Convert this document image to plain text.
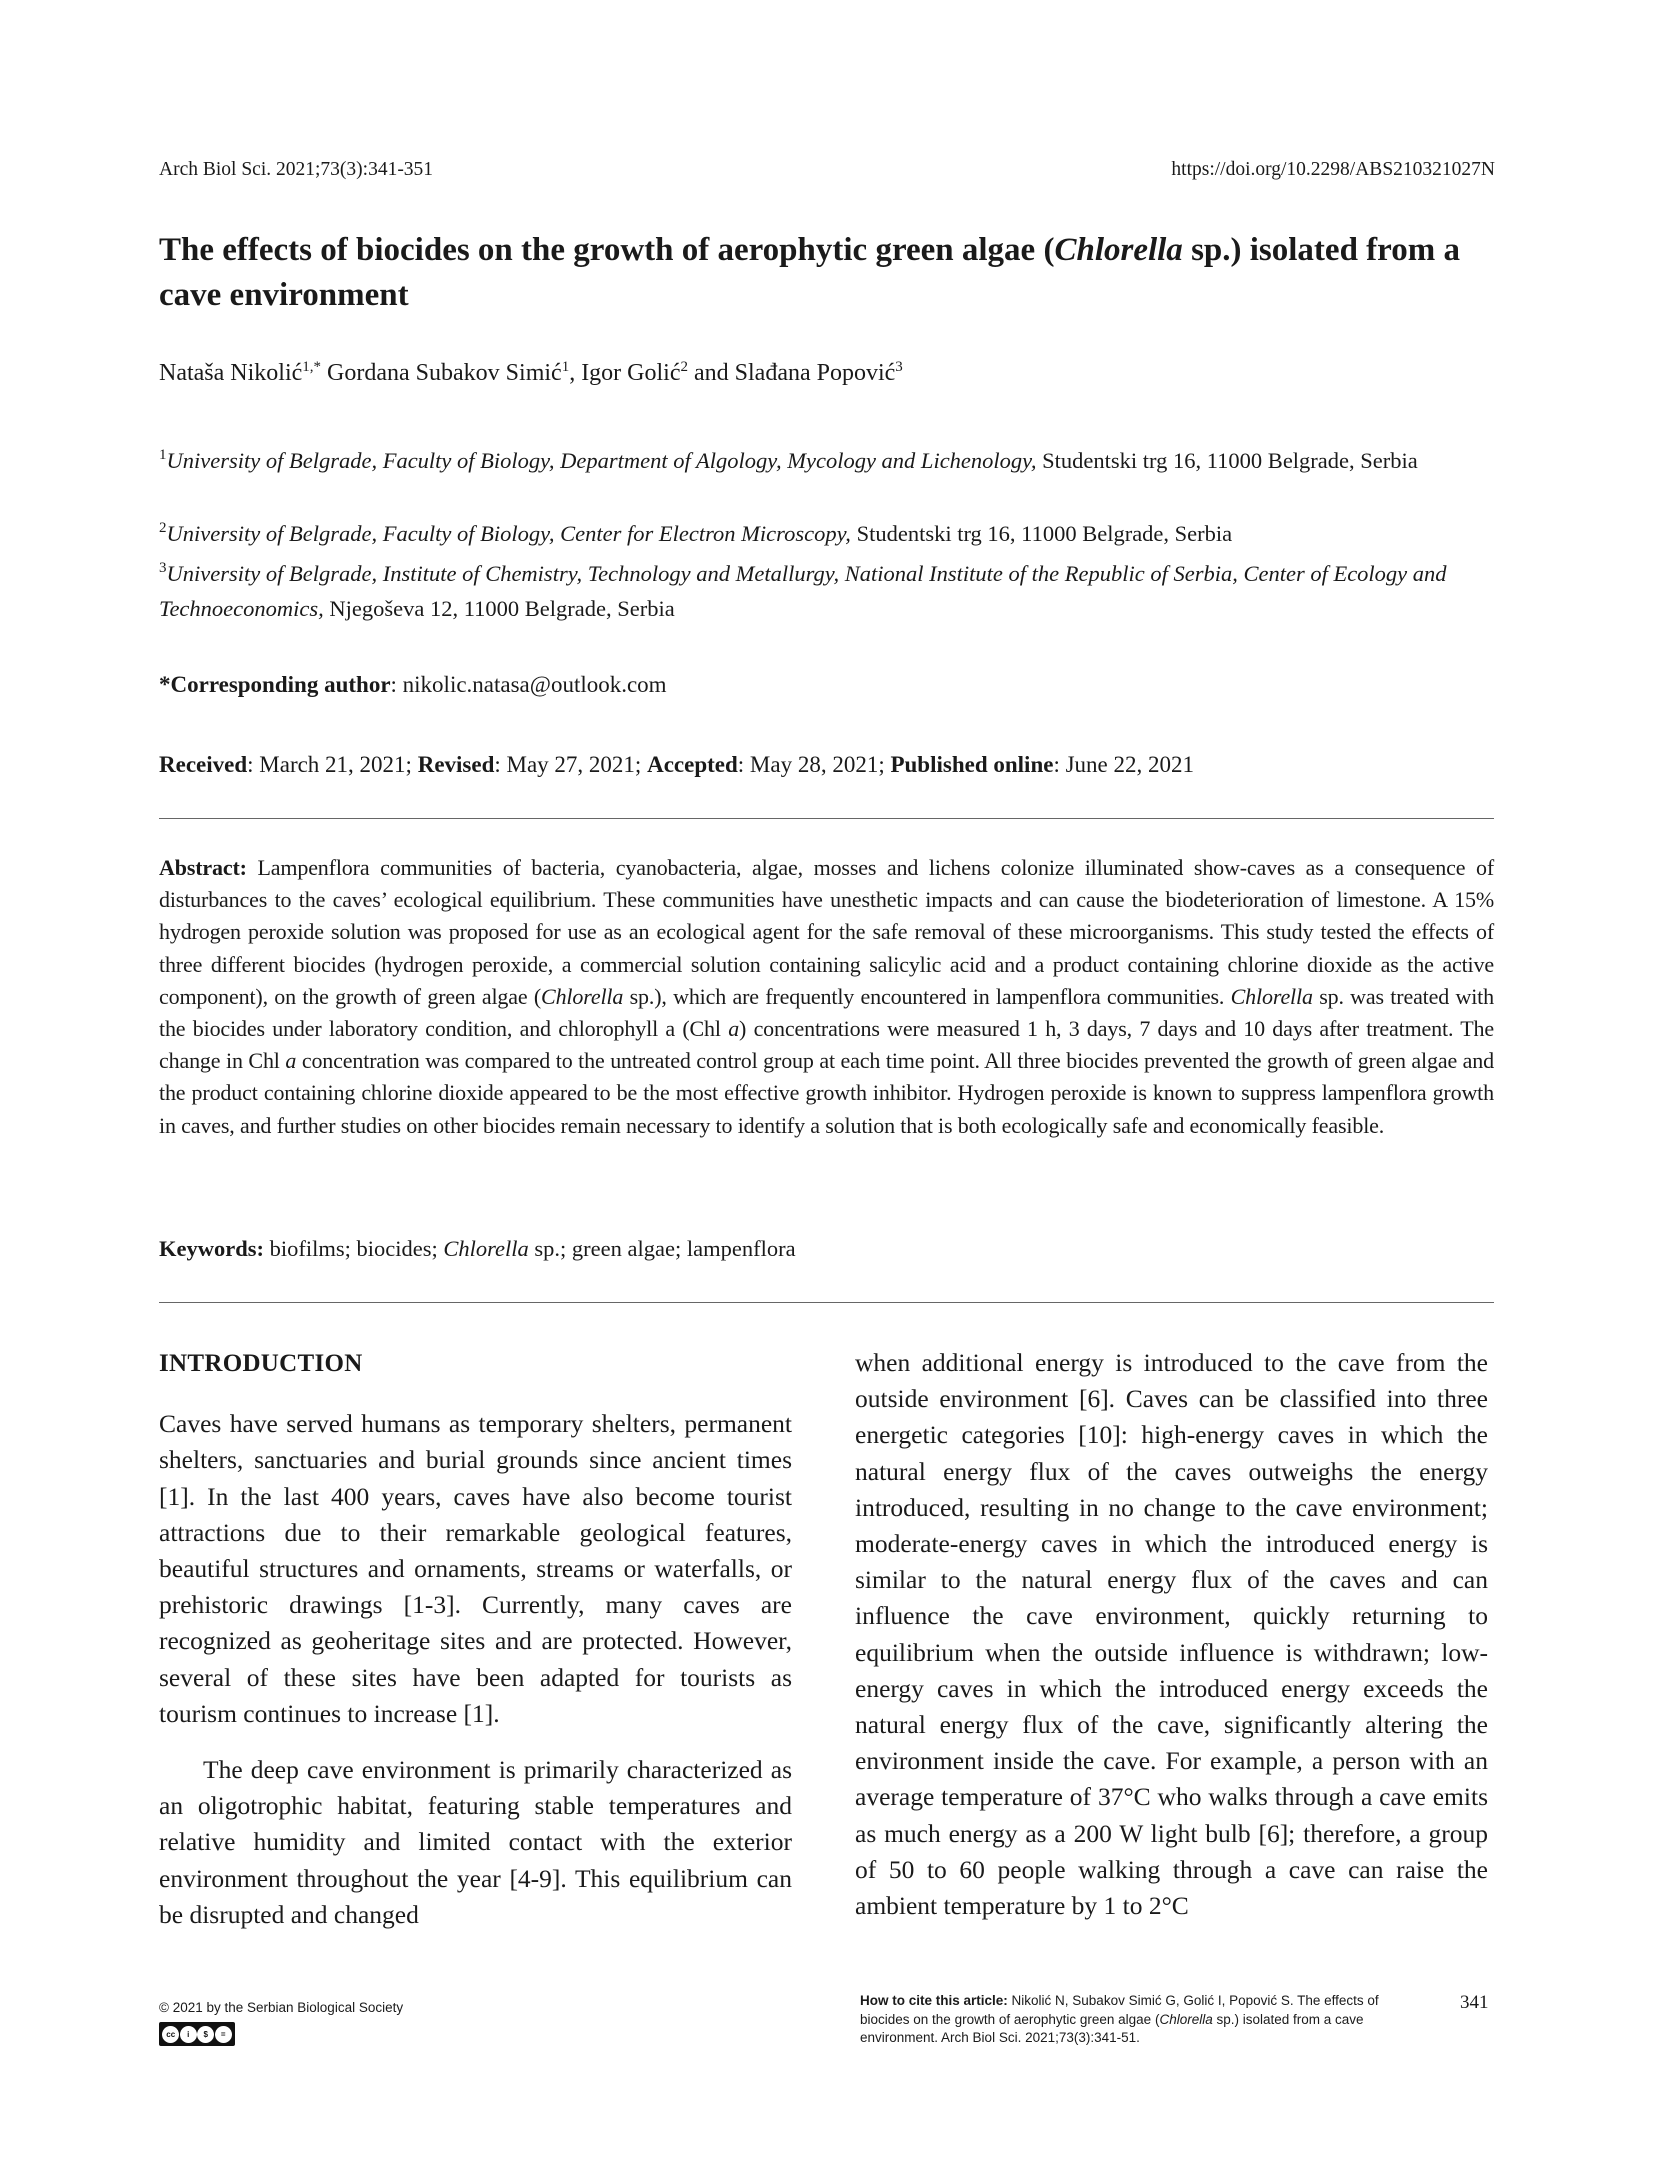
Arch Biol Sci. 2021;73(3):341-351	https://doi.org/10.2298/ABS210321027N
The effects of biocides on the growth of aerophytic green algae (Chlorella sp.) isolated from a cave environment
Nataša Nikolić$^{1,*}$ Gordana Subakov Simić$^1$, Igor Golić$^2$ and Slađana Popović$^3$
$^1$University of Belgrade, Faculty of Biology, Department of Algology, Mycology and Lichenology, Studentski trg 16, 11000 Belgrade, Serbia
$^2$University of Belgrade, Faculty of Biology, Center for Electron Microscopy, Studentski trg 16, 11000 Belgrade, Serbia
$^3$University of Belgrade, Institute of Chemistry, Technology and Metallurgy, National Institute of the Republic of Serbia, Center of Ecology and Technoeconomics, Njegoševa 12, 11000 Belgrade, Serbia
*Corresponding author: nikolic.natasa@outlook.com
Received: March 21, 2021; Revised: May 27, 2021; Accepted: May 28, 2021; Published online: June 22, 2021
Abstract: Lampenflora communities of bacteria, cyanobacteria, algae, mosses and lichens colonize illuminated show-caves as a consequence of disturbances to the caves’ ecological equilibrium. These communities have unesthetic impacts and can cause the biodeterioration of limestone. A 15% hydrogen peroxide solution was proposed for use as an ecological agent for the safe removal of these microorganisms. This study tested the effects of three different biocides (hydrogen peroxide, a commercial solution containing salicylic acid and a product containing chlorine dioxide as the active component), on the growth of green algae (Chlorella sp.), which are frequently encountered in lampenflora communities. Chlorella sp. was treated with the biocides under laboratory condition, and chlorophyll a (Chl a) concentrations were measured 1 h, 3 days, 7 days and 10 days after treatment. The change in Chl a concentration was compared to the untreated control group at each time point. All three biocides prevented the growth of green algae and the product containing chlorine dioxide appeared to be the most effective growth inhibitor. Hydrogen peroxide is known to suppress lampenflora growth in caves, and further studies on other biocides remain necessary to identify a solution that is both ecologically safe and economically feasible.
Keywords: biofilms; biocides; Chlorella sp.; green algae; lampenflora
INTRODUCTION

Caves have served humans as temporary shelters, permanent shelters, sanctuaries and burial grounds since ancient times [1]. In the last 400 years, caves have also become tourist attractions due to their remarkable geological features, beautiful structures and ornaments, streams or waterfalls, or prehistoric drawings [1-3]. Currently, many caves are recognized as geoheritage sites and are protected. However, several of these sites have been adapted for tourists as tourism continues to increase [1].

The deep cave environment is primarily characterized as an oligotrophic habitat, featuring stable temperatures and relative humidity and limited contact with the exterior environment throughout the year [4-9]. This equilibrium can be disrupted and changed

when additional energy is introduced to the cave from the outside environment [6]. Caves can be classified into three energetic categories [10]: high-energy caves in which the natural energy flux of the caves outweighs the energy introduced, resulting in no change to the cave environment; moderate-energy caves in which the introduced energy is similar to the natural energy flux of the caves and can influence the cave environment, quickly returning to equilibrium when the outside influence is withdrawn; low-energy caves in which the introduced energy exceeds the natural energy flux of the cave, significantly altering the environment inside the cave. For example, a person with an average temperature of 37°C who walks through a cave emits as much energy as a 200 W light bulb [6]; therefore, a group of 50 to 60 people walking through a cave can raise the ambient temperature by 1 to 2°C

© 2021 by the Serbian Biological Society
cc	i	$	=
How to cite this article: Nikolić N, Subakov Simić G, Golić I, Popović S. The effects of biocides on the growth of aerophytic green algae (Chlorella sp.) isolated from a cave environment. Arch Biol Sci. 2021;73(3):341-51.
341
